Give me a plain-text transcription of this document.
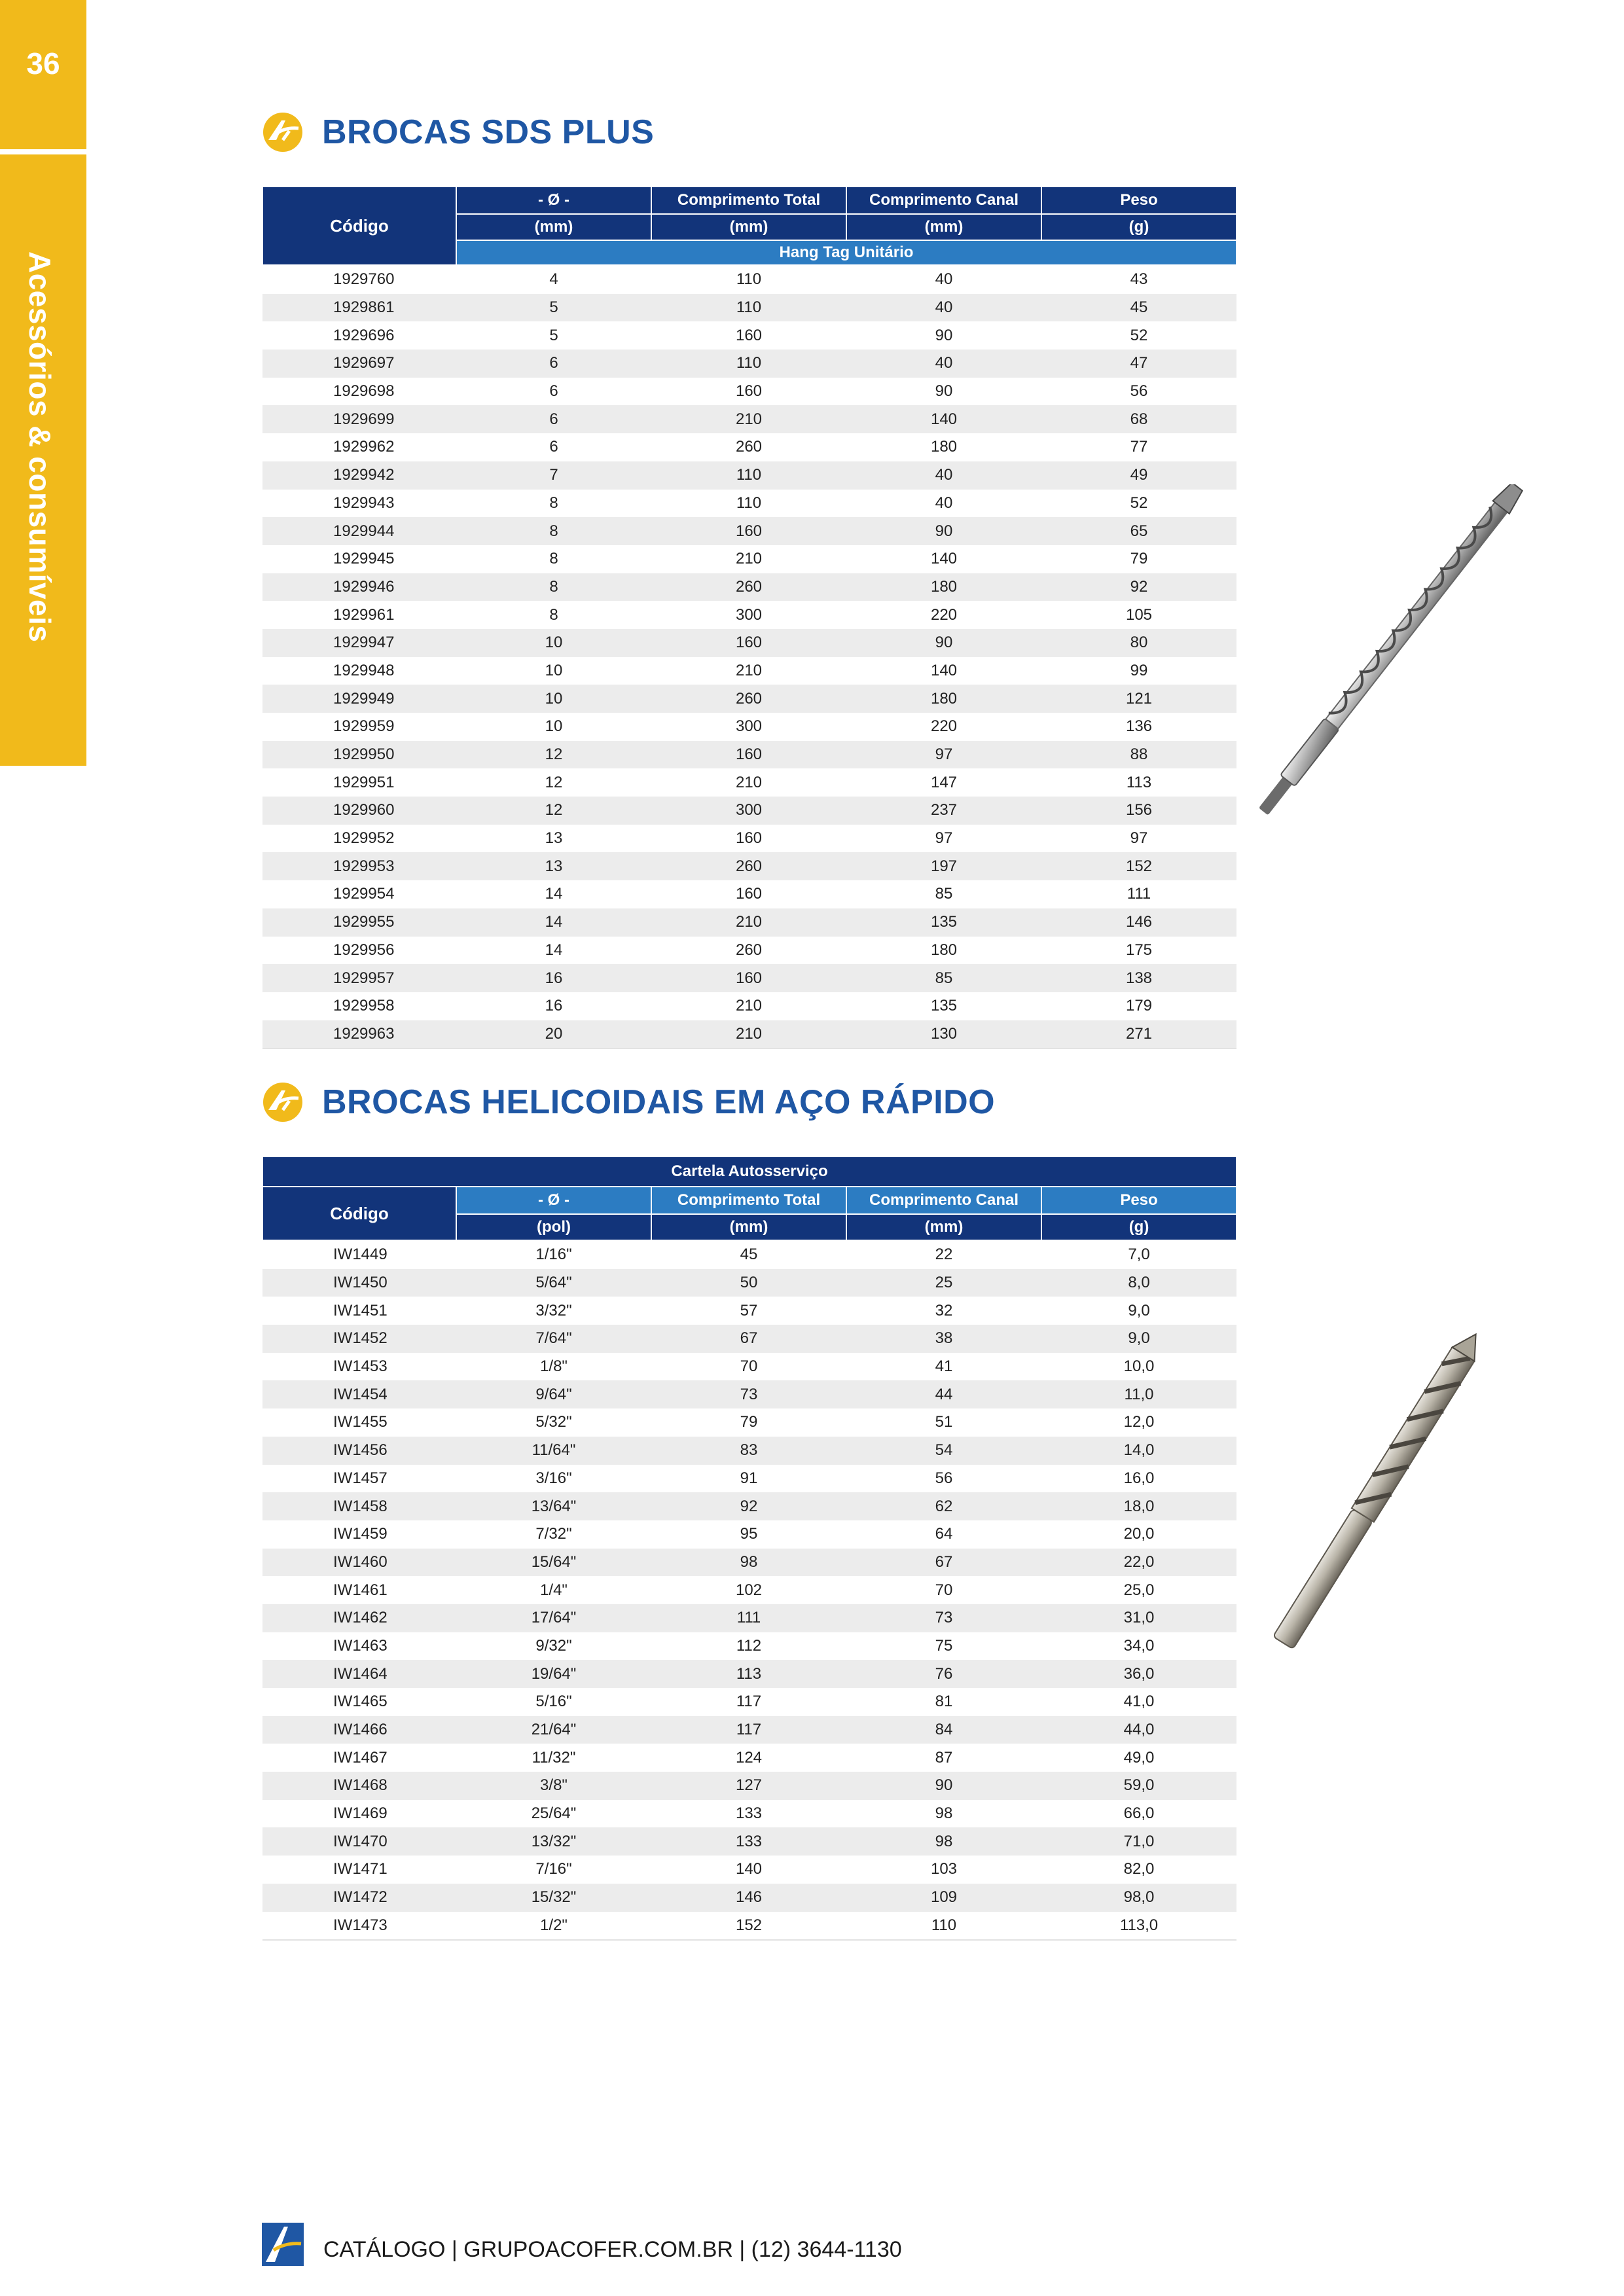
36
Acessórios & consumíveis
BROCAS SDS PLUS
Código	- Ø -	Comprimento Total	Comprimento Canal	Peso
	(mm)	(mm)	(mm)	(g)
	Hang Tag Unitário			
1929760	4	110	40	43
1929861	5	110	40	45
1929696	5	160	90	52
1929697	6	110	40	47
1929698	6	160	90	56
1929699	6	210	140	68
1929962	6	260	180	77
1929942	7	110	40	49
1929943	8	110	40	52
1929944	8	160	90	65
1929945	8	210	140	79
1929946	8	260	180	92
1929961	8	300	220	105
1929947	10	160	90	80
1929948	10	210	140	99
1929949	10	260	180	121
1929959	10	300	220	136
1929950	12	160	97	88
1929951	12	210	147	113
1929960	12	300	237	156
1929952	13	160	97	97
1929953	13	260	197	152
1929954	14	160	85	111
1929955	14	210	135	146
1929956	14	260	180	175
1929957	16	160	85	138
1929958	16	210	135	179
1929963	20	210	130	271
BROCAS HELICOIDAIS EM AÇO RÁPIDO
Cartela Autosserviço				
Código	- Ø -	Comprimento Total	Comprimento Canal	Peso
	(pol)	(mm)	(mm)	(g)
IW1449	1/16"	45	22	7,0
IW1450	5/64"	50	25	8,0
IW1451	3/32"	57	32	9,0
IW1452	7/64"	67	38	9,0
IW1453	1/8"	70	41	10,0
IW1454	9/64"	73	44	11,0
IW1455	5/32"	79	51	12,0
IW1456	11/64"	83	54	14,0
IW1457	3/16"	91	56	16,0
IW1458	13/64"	92	62	18,0
IW1459	7/32"	95	64	20,0
IW1460	15/64"	98	67	22,0
IW1461	1/4"	102	70	25,0
IW1462	17/64"	111	73	31,0
IW1463	9/32"	112	75	34,0
IW1464	19/64"	113	76	36,0
IW1465	5/16"	117	81	41,0
IW1466	21/64"	117	84	44,0
IW1467	11/32"	124	87	49,0
IW1468	3/8"	127	90	59,0
IW1469	25/64"	133	98	66,0
IW1470	13/32"	133	98	71,0
IW1471	7/16"	140	103	82,0
IW1472	15/32"	146	109	98,0
IW1473	1/2"	152	110	113,0
CATÁLOGO | GRUPOACOFER.COM.BR | (12) 3644-1130
